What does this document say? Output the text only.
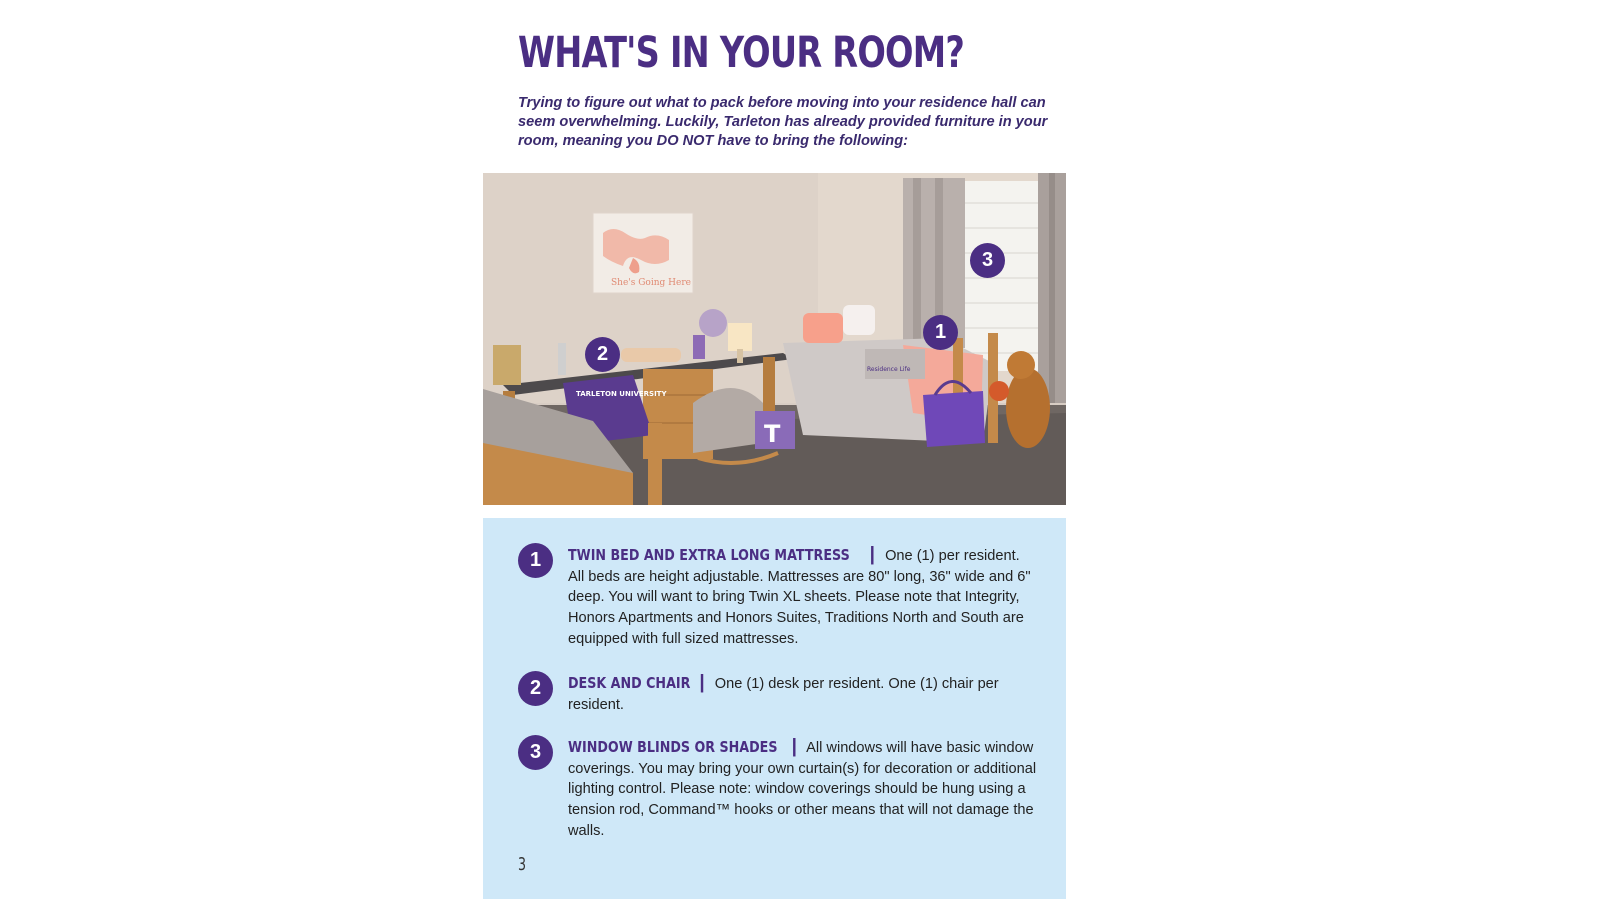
WHAT'S IN YOUR ROOM?

Trying to figure out what to pack before moving into your residence hall can seem overwhelming. Luckily, Tarleton has already provided furniture in your room, meaning you DO NOT have to bring the following:

She's Going Here
TARLETON UNIVERSITY
T
Residence Life
2
1
3
1	TWIN BED AND EXTRA LONG MATTRESS | One (1) per resident. All beds are height adjustable. Mattresses are 80" long, 36" wide and 6" deep. You will want to bring Twin XL sheets. Please note that Integrity, Honors Apartments and Honors Suites, Traditions North and South are equipped with full sized mattresses.
2	DESK AND CHAIR | One (1) desk per resident. One (1) chair per resident.
3	WINDOW BLINDS OR SHADES | All windows will have basic window coverings. You may bring your own curtain(s) for decoration or additional lighting control. Please note: window coverings should be hung using a tension rod, Command™ hooks or other means that will not damage the walls.
3
